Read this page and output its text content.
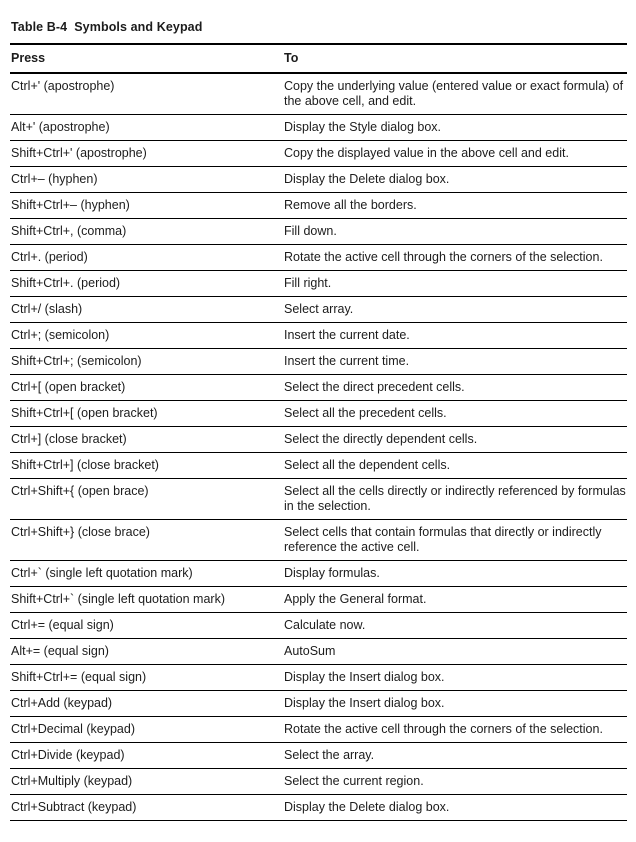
Table B-4 Symbols and Keypad
Press	To
Ctrl+' (apostrophe)	Copy the underlying value (entered value or exact formula) of the above cell, and edit.
Alt+' (apostrophe)	Display the Style dialog box.
Shift+Ctrl+' (apostrophe)	Copy the displayed value in the above cell and edit.
Ctrl+– (hyphen)	Display the Delete dialog box.
Shift+Ctrl+– (hyphen)	Remove all the borders.
Shift+Ctrl+, (comma)	Fill down.
Ctrl+. (period)	Rotate the active cell through the corners of the selection.
Shift+Ctrl+. (period)	Fill right.
Ctrl+/ (slash)	Select array.
Ctrl+; (semicolon)	Insert the current date.
Shift+Ctrl+; (semicolon)	Insert the current time.
Ctrl+[ (open bracket)	Select the direct precedent cells.
Shift+Ctrl+[ (open bracket)	Select all the precedent cells.
Ctrl+] (close bracket)	Select the directly dependent cells.
Shift+Ctrl+] (close bracket)	Select all the dependent cells.
Ctrl+Shift+{ (open brace)	Select all the cells directly or indirectly referenced by formulas in the selection.
Ctrl+Shift+} (close brace)	Select cells that contain formulas that directly or indirectly reference the active cell.
Ctrl+` (single left quotation mark)	Display formulas.
Shift+Ctrl+` (single left quotation mark)	Apply the General format.
Ctrl+= (equal sign)	Calculate now.
Alt+= (equal sign)	AutoSum
Shift+Ctrl+= (equal sign)	Display the Insert dialog box.
Ctrl+Add (keypad)	Display the Insert dialog box.
Ctrl+Decimal (keypad)	Rotate the active cell through the corners of the selection.
Ctrl+Divide (keypad)	Select the array.
Ctrl+Multiply (keypad)	Select the current region.
Ctrl+Subtract (keypad)	Display the Delete dialog box.
